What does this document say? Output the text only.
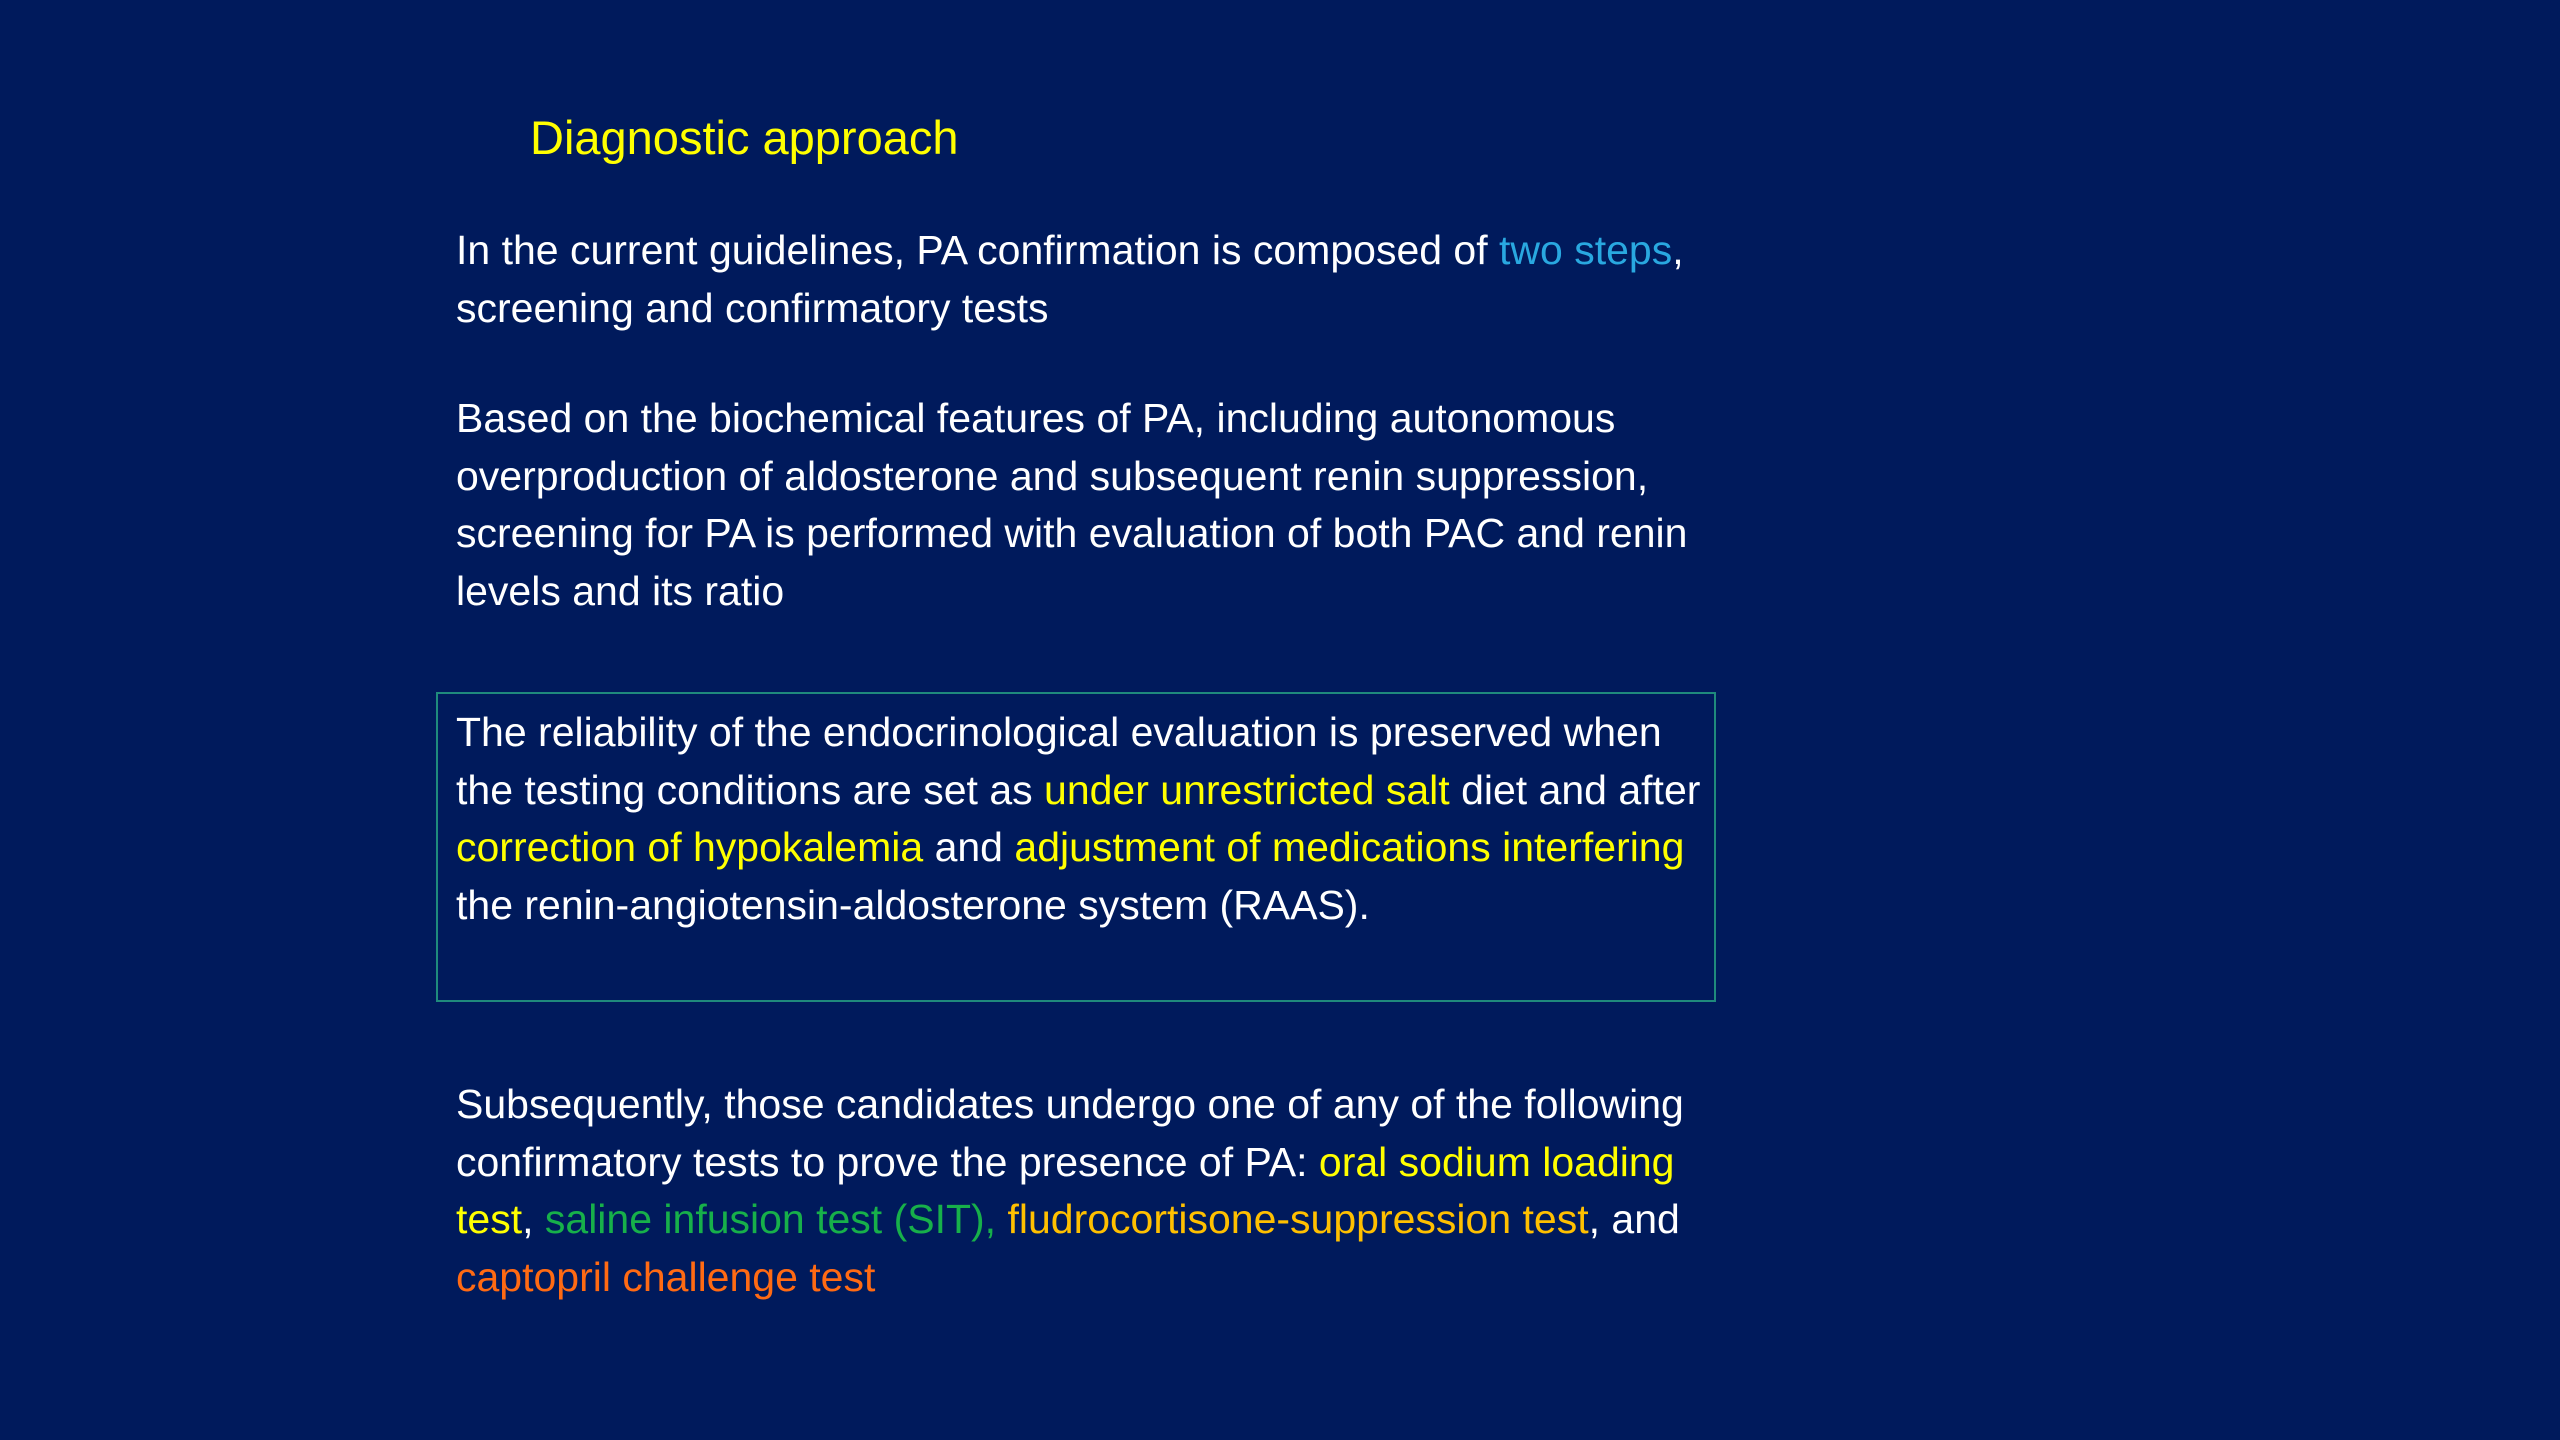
Diagnostic approach

In the current guidelines, PA confirmation is composed of two steps, screening and confirmatory tests

Based on the biochemical features of PA, including autonomous overproduction of aldosterone and subsequent renin suppression, screening for PA is performed with evaluation of both PAC and renin levels and its ratio

The reliability of the endocrinological evaluation is preserved when the testing conditions are set as under unrestricted salt diet and after correction of hypokalemia and adjustment of medications interfering the renin-angiotensin-aldosterone system (RAAS).

Subsequently, those candidates undergo one of any of the following confirmatory tests to prove the presence of PA: oral sodium loading test, saline infusion test (SIT), fludrocortisone-suppression test, and captopril challenge test
